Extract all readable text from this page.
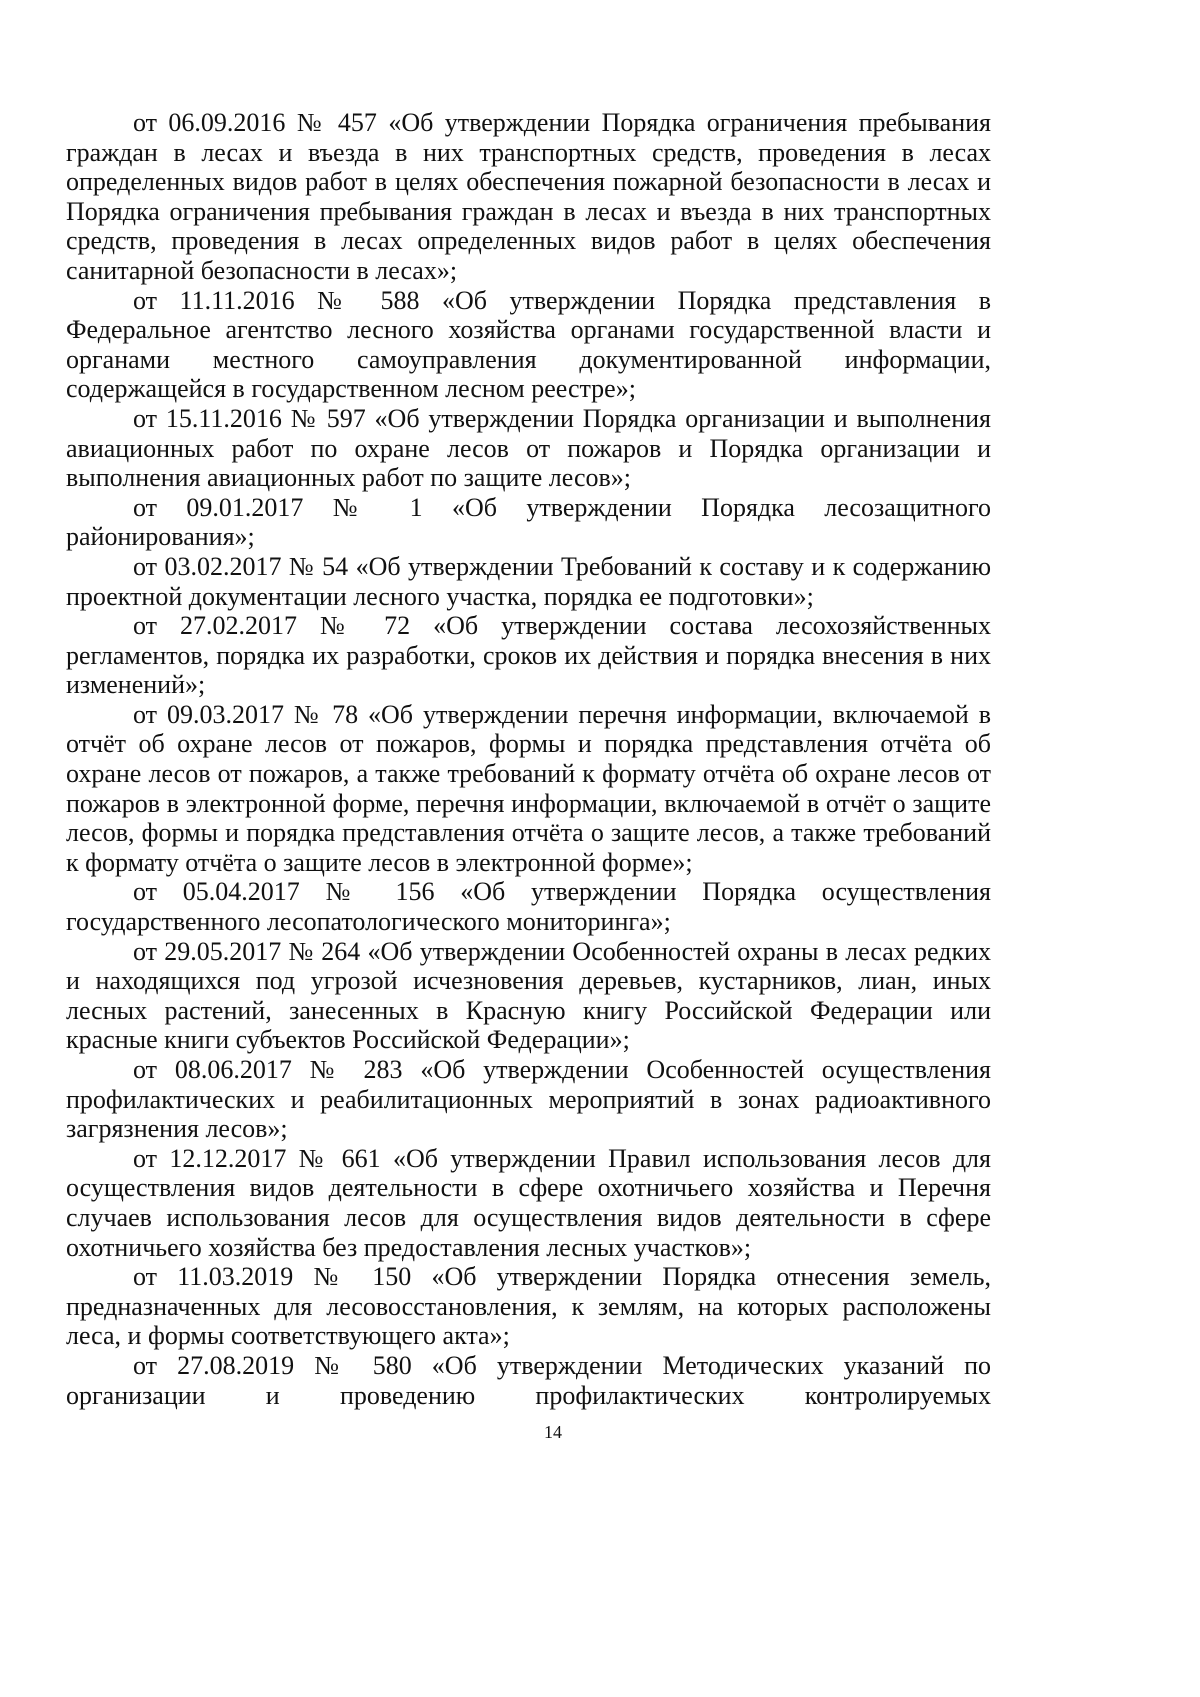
от 06.09.2016 № 457 «Об утверждении Порядка ограничения пребывания граждан в лесах и въезда в них транспортных средств, проведения в лесах определенных видов работ в целях обеспечения пожарной безопасности в лесах и Порядка ограничения пребывания граждан в лесах и въезда в них транспортных средств, проведения в лесах определенных видов работ в целях обеспечения санитарной безопасности в лесах»;

от 11.11.2016 № 588 «Об утверждении Порядка представления в Федеральное агентство лесного хозяйства органами государственной власти и органами местного самоуправления документированной информации, содержащейся в государственном лесном реестре»;

от 15.11.2016 № 597 «Об утверждении Порядка организации и выполнения авиационных работ по охране лесов от пожаров и Порядка организации и выполнения авиационных работ по защите лесов»;

от 09.01.2017 № 1 «Об утверждении Порядка лесозащитного районирования»;

от 03.02.2017 № 54 «Об утверждении Требований к составу и к содержанию проектной документации лесного участка, порядка ее подготовки»;

от 27.02.2017 № 72 «Об утверждении состава лесохозяйственных регламентов, порядка их разработки, сроков их действия и порядка внесения в них изменений»;

от 09.03.2017 № 78 «Об утверждении перечня информации, включаемой в отчёт об охране лесов от пожаров, формы и порядка представления отчёта об охране лесов от пожаров, а также требований к формату отчёта об охране лесов от пожаров в электронной форме, перечня информации, включаемой в отчёт о защите лесов, формы и порядка представления отчёта о защите лесов, а также требований к формату отчёта о защите лесов в электронной форме»;

от 05.04.2017 № 156 «Об утверждении Порядка осуществления государственного лесопатологического мониторинга»;

от 29.05.2017 № 264 «Об утверждении Особенностей охраны в лесах редких и находящихся под угрозой исчезновения деревьев, кустарников, лиан, иных лесных растений, занесенных в Красную книгу Российской Федерации или красные книги субъектов Российской Федерации»;

от 08.06.2017 № 283 «Об утверждении Особенностей осуществления профилактических и реабилитационных мероприятий в зонах радиоактивного загрязнения лесов»;

от 12.12.2017 № 661 «Об утверждении Правил использования лесов для осуществления видов деятельности в сфере охотничьего хозяйства и Перечня случаев использования лесов для осуществления видов деятельности в сфере охотничьего хозяйства без предоставления лесных участков»;

от 11.03.2019 № 150 «Об утверждении Порядка отнесения земель, предназначенных для лесовосстановления, к землям, на которых расположены леса, и формы соответствующего акта»;

от 27.08.2019 № 580 «Об утверждении Методических указаний по организации и проведению профилактических контролируемых

14
